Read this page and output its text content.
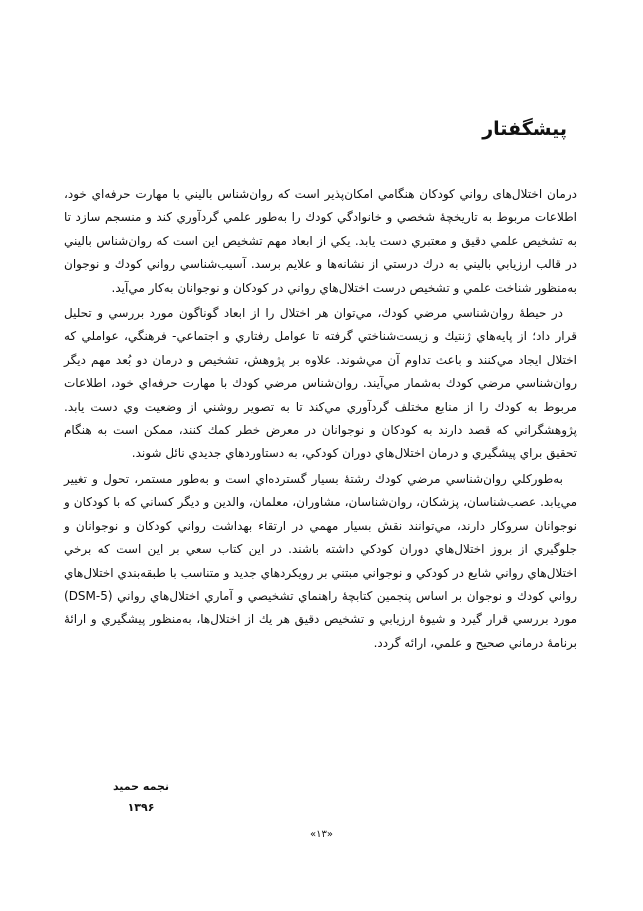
پیشگفتار

درمان اختلال‌های رواني كودكان هنگامي امكان‌پذير است كه روان‌شناس باليني با مهارت حرفه‌اي خود، اطلاعات مربوط به تاريخچهٔ شخصي و خانوادگي كودك را به‌طور علمي گردآوري كند و منسجم سازد تا به تشخيص علمي دقيق و معتبري دست يابد. يكي از ابعاد مهم تشخيص اين است كه روان‌شناس باليني در قالب ارزيابي باليني به درك درستي از نشانه‌ها و علايم برسد. آسيب‌شناسي رواني كودك و نوجوان به‌منظور شناخت علمي و تشخيص درست اختلال‌هاي رواني در كودكان و نوجوانان به‌كار مي‌آيد.

در حيطهٔ روان‌شناسي مرضي كودك، مي‌توان هر اختلال را از ابعاد گوناگون مورد بررسي و تحليل قرار داد؛ از پايه‌هاي ژنتيك و زيست‌شناختي گرفته تا عوامل رفتاري و اجتماعي- فرهنگي، عواملي كه اختلال ايجاد مي‌كنند و باعث تداوم آن مي‌شوند. علاوه بر پژوهش، تشخيص و درمان دو بُعد مهم ديگر روان‌شناسي مرضي كودك به‌شمار مي‌آيند. روان‌شناس مرضي كودك با مهارت حرفه‌اي خود، اطلاعات مربوط به كودك را از منابع مختلف گردآوري مي‌كند تا به تصوير روشني از وضعيت وي دست يابد. پژوهشگراني كه قصد دارند به كودكان و نوجوانان در معرض خطر كمك كنند، ممكن است به هنگام تحقيق براي پيشگيري و درمان اختلال‌هاي دوران كودكي، به دستاوردهاي جديدي نائل شوند.

به‌طوركلي روان‌شناسي مرضي كودك رشتهٔ بسيار گسترده‌اي است و به‌طور مستمر، تحول و تغيير مي‌يابد. عصب‌شناسان، پزشكان، روان‌شناسان، مشاوران، معلمان، والدين و ديگر كساني كه با كودكان و نوجوانان سروكار دارند، مي‌توانند نقش بسيار مهمي در ارتقاء بهداشت رواني كودكان و نوجوانان و جلوگيري از بروز اختلال‌هاي دوران كودكي داشته باشند. در اين كتاب سعي بر اين است كه برخي اختلال‌هاي رواني شايع در كودكي و نوجواني مبتني بر رويكردهاي جديد و متناسب با طبقه‌بندي اختلال‌هاي رواني كودك و نوجوان بر اساس پنجمين كتابچهٔ راهنماي تشخيصي و آماري اختلال‌هاي رواني (DSM-5) مورد بررسي قرار گيرد و شيوهٔ ارزيابي و تشخيص دقيق هر يك از اختلال‌ها، به‌منظور پيشگيري و ارائهٔ برنامهٔ درماني صحيح و علمي، ارائه گردد.

نجمه حمید
۱۳۹۶
«۱۳»
